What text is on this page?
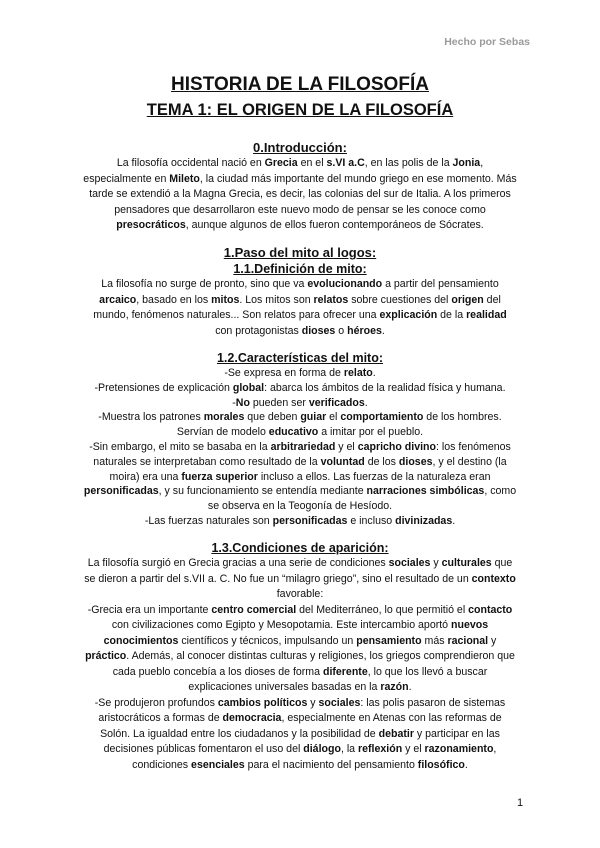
Hecho por Sebas
HISTORIA DE LA FILOSOFÍA
TEMA 1: EL ORIGEN DE LA FILOSOFÍA
0.Introducción:
La filosofía occidental nació en Grecia en el s.VI a.C, en las polis de la Jonia,
especialmente en Mileto, la ciudad más importante del mundo griego en ese momento. Más
tarde se extendió a la Magna Grecia, es decir, las colonias del sur de Italia. A los primeros
pensadores que desarrollaron este nuevo modo de pensar se les conoce como
presocráticos, aunque algunos de ellos fueron contemporáneos de Sócrates.
1.Paso del mito al logos:
1.1.Definición de mito:
La filosofía no surge de pronto, sino que va evolucionando a partir del pensamiento
arcaico, basado en los mitos. Los mitos son relatos sobre cuestiones del origen del
mundo, fenómenos naturales... Son relatos para ofrecer una explicación de la realidad
con protagonistas dioses o héroes.
1.2.Características del mito:
-Se expresa en forma de relato.
-Pretensiones de explicación global: abarca los ámbitos de la realidad física y humana.
-No pueden ser verificados.
-Muestra los patrones morales que deben guiar el comportamiento de los hombres.
Servían de modelo educativo a imitar por el pueblo.
-Sin embargo, el mito se basaba en la arbitrariedad y el capricho divino: los fenómenos
naturales se interpretaban como resultado de la voluntad de los dioses, y el destino (la
moira) era una fuerza superior incluso a ellos. Las fuerzas de la naturaleza eran
personificadas, y su funcionamiento se entendía mediante narraciones simbólicas, como
se observa en la Teogonía de Hesíodo.
-Las fuerzas naturales son personificadas e incluso divinizadas.
1.3.Condiciones de aparición:
La filosofía surgió en Grecia gracias a una serie de condiciones sociales y culturales que
se dieron a partir del s.VII a. C. No fue un “milagro griego”, sino el resultado de un contexto
favorable:
-Grecia era un importante centro comercial del Mediterráneo, lo que permitió el contacto
con civilizaciones como Egipto y Mesopotamia. Este intercambio aportó nuevos
conocimientos científicos y técnicos, impulsando un pensamiento más racional y
práctico. Además, al conocer distintas culturas y religiones, los griegos comprendieron que
cada pueblo concebía a los dioses de forma diferente, lo que los llevó a buscar
explicaciones universales basadas en la razón.
-Se produjeron profundos cambios políticos y sociales: las polis pasaron de sistemas
aristocráticos a formas de democracia, especialmente en Atenas con las reformas de
Solón. La igualdad entre los ciudadanos y la posibilidad de debatir y participar en las
decisiones públicas fomentaron el uso del diálogo, la reflexión y el razonamiento,
condiciones esenciales para el nacimiento del pensamiento filosófico.
1
